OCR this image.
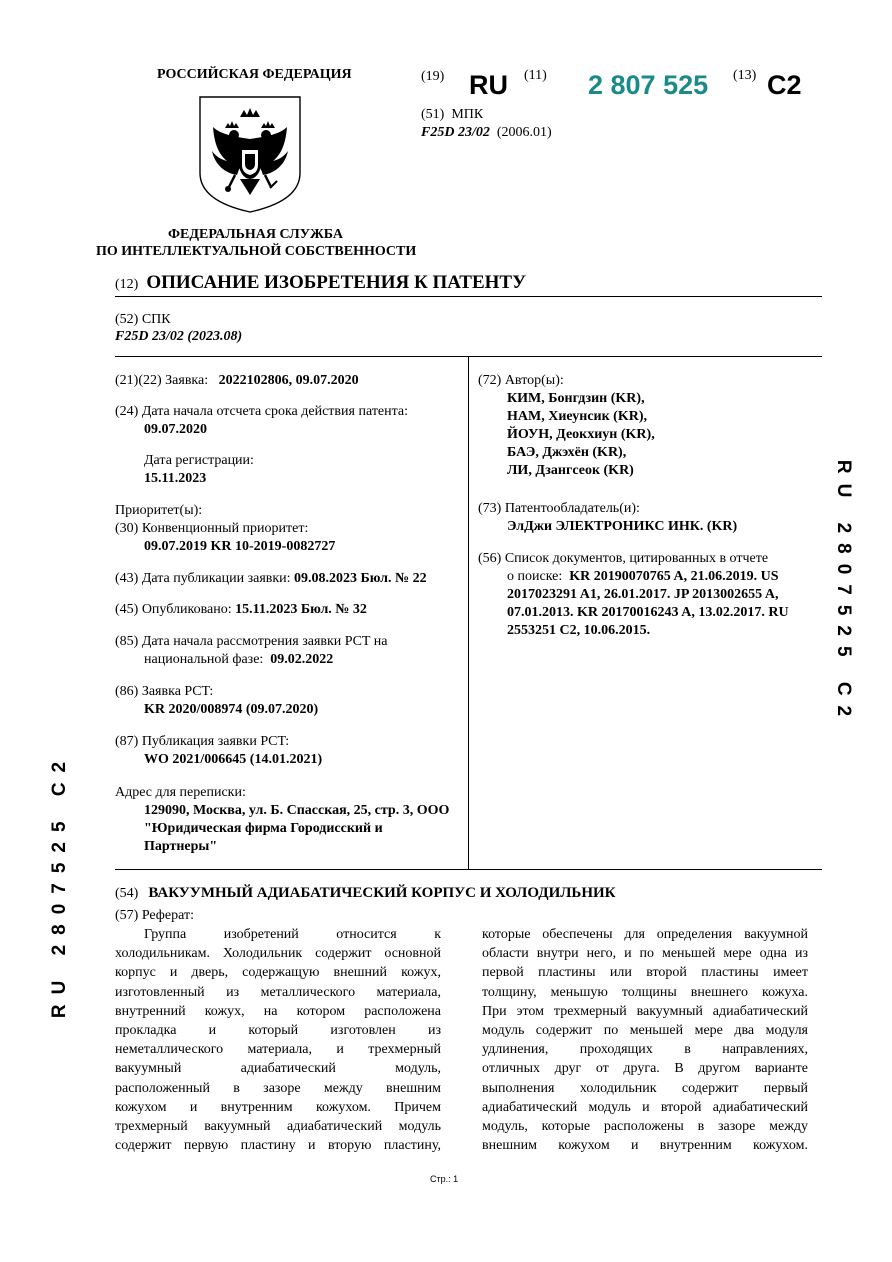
РОССИЙСКАЯ ФЕДЕРАЦИЯ
ФЕДЕРАЛЬНАЯ СЛУЖБА
ПО ИНТЕЛЛЕКТУАЛЬНОЙ СОБСТВЕННОСТИ
(19) RU (11) 2 807 525 (13) C2
(51) МПК
F25D 23/02 (2006.01)
(12) ОПИСАНИЕ ИЗОБРЕТЕНИЯ К ПАТЕНТУ
(52) СПК
F25D 23/02 (2023.08)
(21)(22) Заявка: 2022102806, 09.07.2020
(24) Дата начала отсчета срока действия патента:
09.07.2020
Дата регистрации:
15.11.2023
Приоритет(ы):
(30) Конвенционный приоритет:
09.07.2019 KR 10-2019-0082727
(43) Дата публикации заявки: 09.08.2023 Бюл. № 22
(45) Опубликовано: 15.11.2023 Бюл. № 32
(85) Дата начала рассмотрения заявки PCT на
национальной фазе: 09.02.2022
(86) Заявка PCT:
KR 2020/008974 (09.07.2020)
(87) Публикация заявки PCT:
WO 2021/006645 (14.01.2021)
Адрес для переписки:
129090, Москва, ул. Б. Спасская, 25, стр. 3, ООО
"Юридическая фирма Городисский и
Партнеры"
(72) Автор(ы):
КИМ, Бонгдзин (KR),
НАМ, Хиеунсик (KR),
ЙОУН, Деокхиун (KR),
БАЭ, Джэхён (KR),
ЛИ, Дзангсеок (KR)
(73) Патентообладатель(и):
ЭлДжи ЭЛЕКТРОНИКС ИНК. (KR)
(56) Список документов, цитированных в отчете
о поиске: KR 20190070765 A, 21.06.2019. US
2017023291 A1, 26.01.2017. JP 2013002655 A,
07.01.2013. KR 20170016243 A, 13.02.2017. RU
2553251 C2, 10.06.2015.
(54) ВАКУУМНЫЙ АДИАБАТИЧЕСКИЙ КОРПУС И ХОЛОДИЛЬНИК
(57) Реферат:
Группа изобретений относится к
холодильникам. Холодильник содержит основной
корпус и дверь, содержащую внешний кожух,
изготовленный из металлического материала,
внутренний кожух, на котором расположена
прокладка и который изготовлен из
неметаллического материала, и трехмерный
вакуумный адиабатический модуль,
расположенный в зазоре между внешним
кожухом и внутренним кожухом. Причем
трехмерный вакуумный адиабатический модуль
содержит первую пластину и вторую пластину,
которые обеспечены для определения вакуумной
области внутри него, и по меньшей мере одна из
первой пластины или второй пластины имеет
толщину, меньшую толщины внешнего кожуха.
При этом трехмерный вакуумный адиабатический
модуль содержит по меньшей мере два модуля
удлинения, проходящих в направлениях,
отличных друг от друга. В другом варианте
выполнения холодильник содержит первый
адиабатический модуль и второй адиабатический
модуль, которые расположены в зазоре между
внешним кожухом и внутренним кожухом.
RU 2807525 C2
RU 2807525 C2
Стр.: 1
